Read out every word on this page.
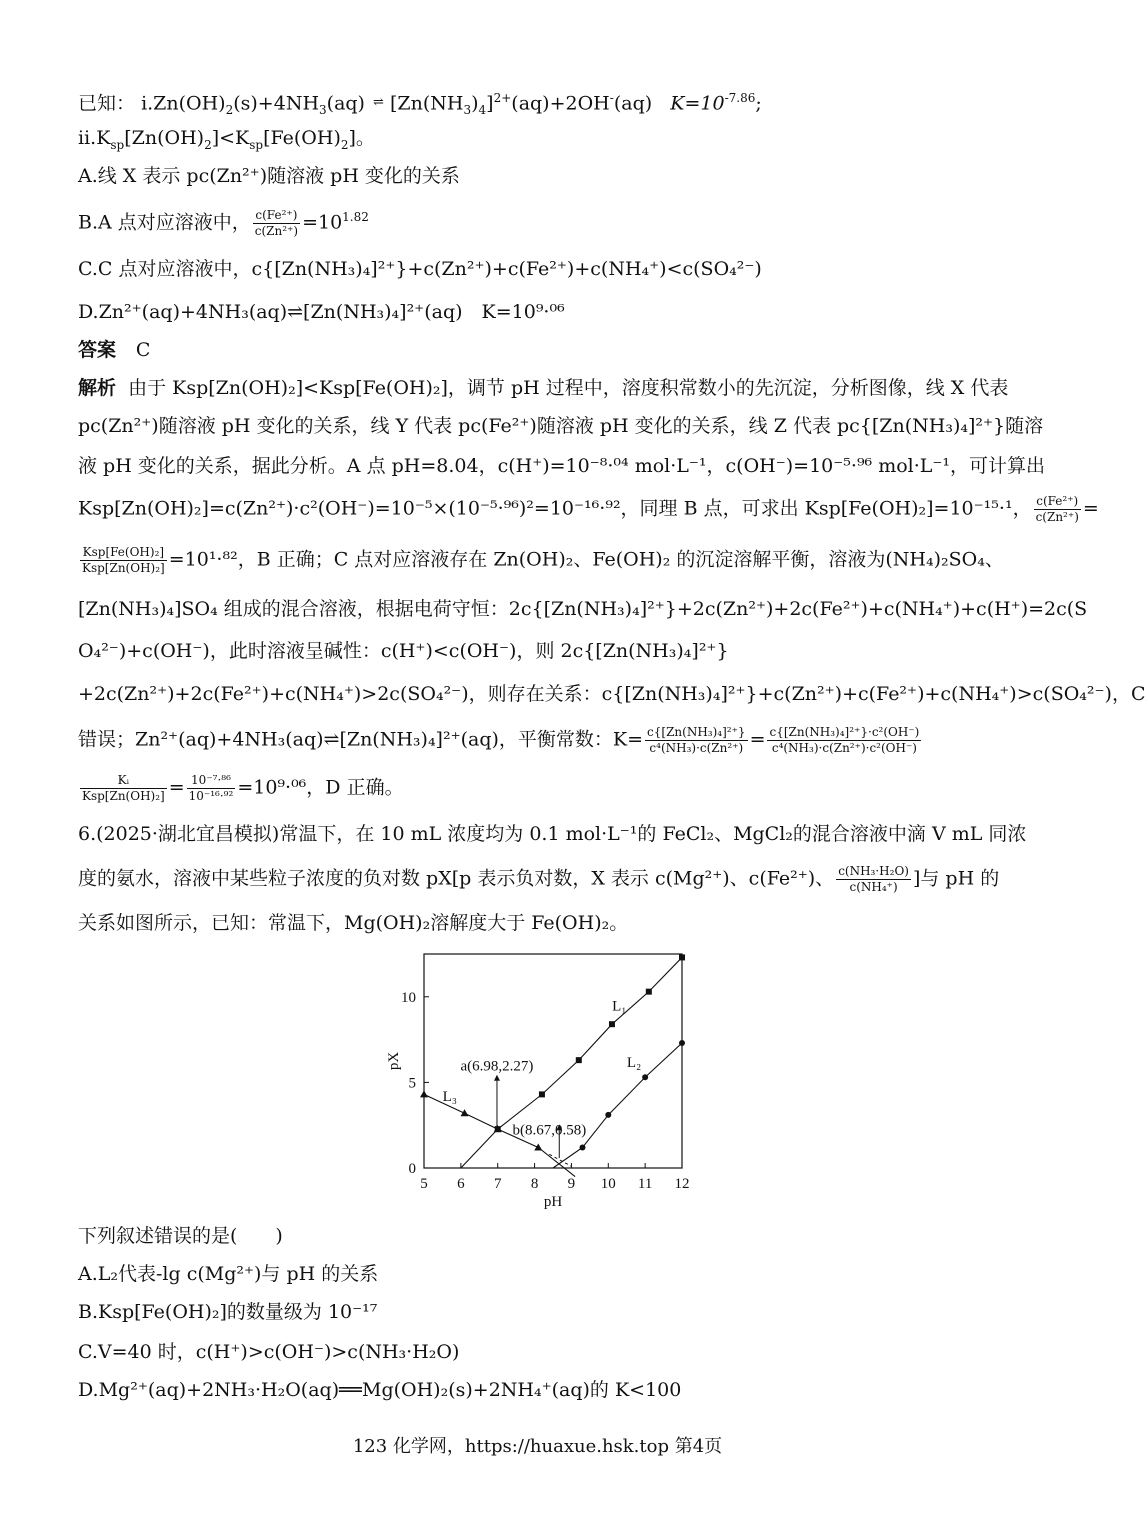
已知： $ⅰ.Zn(OH)_2(s)+4NH_3(aq)$ ⇌ $[Zn(NH_3)_4]^{2+}(aq)+2OH^-(aq)$ $K=10^{-7.86}$;
$ⅱ.K_{sp}[Zn(OH)_2]<K_{sp}[Fe(OH)_2]$。
A.线 X 表示 pc(Zn²⁺)随溶液 pH 变化的关系
B.A 点对应溶液中， $\frac{\text{c(Fe²⁺)}}{\text{c(Zn²⁺)}} =10^{1.82}$
C.C 点对应溶液中，c{[Zn(NH₃)₄]²⁺}+c(Zn²⁺)+c(Fe²⁺)+c(NH₄⁺)<c(SO₄²⁻)
D.Zn²⁺(aq)+4NH₃(aq)⇌[Zn(NH₃)₄]²⁺(aq)　K=10⁹·⁰⁶
答案 C
解析 由于 Ksp[Zn(OH)₂]<Ksp[Fe(OH)₂]，调节 pH 过程中，溶度积常数小的先沉淀，分析图像，线 X 代表
pc(Zn²⁺)随溶液 pH 变化的关系，线 Y 代表 pc(Fe²⁺)随溶液 pH 变化的关系，线 Z 代表 pc{[Zn(NH₃)₄]²⁺}随溶
液 pH 变化的关系，据此分析。A 点 pH=8.04，c(H⁺)=10⁻⁸·⁰⁴ mol·L⁻¹，c(OH⁻)=10⁻⁵·⁹⁶ mol·L⁻¹，可计算出
Ksp[Zn(OH)₂]=c(Zn²⁺)·c²(OH⁻)=10⁻⁵×(10⁻⁵·⁹⁶)²=10⁻¹⁶·⁹²，同理 B 点，可求出 Ksp[Fe(OH)₂]=10⁻¹⁵·¹， $\frac{\text{c(Fe²⁺)}}{\text{c(Zn²⁺)}}$ =
$\frac{\text{Ksp[Fe(OH)₂]}}{\text{Ksp[Zn(OH)₂]}} =10^1\cdot^{82}$，B 正确；C 点对应溶液存在 Zn(OH)₂、Fe(OH)₂ 的沉淀溶解平衡，溶液为(NH₄)₂SO₄、
[Zn(NH₃)₄]SO₄ 组成的混合溶液，根据电荷守恒：2c{[Zn(NH₃)₄]²⁺}+2c(Zn²⁺)+2c(Fe²⁺)+c(NH₄⁺)+c(H⁺)=2c(S
O₄²⁻)+c(OH⁻)，此时溶液呈碱性：c(H⁺)<c(OH⁻)，则 2c{[Zn(NH₃)₄]²⁺}
+2c(Zn²⁺)+2c(Fe²⁺)+c(NH₄⁺)>2c(SO₄²⁻)，则存在关系：c{[Zn(NH₃)₄]²⁺}+c(Zn²⁺)+c(Fe²⁺)+c(NH₄⁺)>c(SO₄²⁻)，C
错误；Zn²⁺(aq)+4NH₃(aq)⇌[Zn(NH₃)₄]²⁺(aq)，平衡常数：$K= \frac{\text{c\{[Zn(NH₃)₄]²⁺\}}}{\text{c⁴(NH₃)·c(Zn²⁺)}} = \frac{\text{c\{[Zn(NH₃)₄]²⁺\}·c²(OH⁻)}}{\text{c⁴(NH₃)·c(Zn²⁺)·c²(OH⁻)}}$
$\frac{\text{Kᵢ}}{\text{Ksp[Zn(OH)₂]}} = \frac{\text{10⁻⁷·⁸⁶}}{\text{10⁻¹⁶·⁹²}} =10^9\cdot^{06}$，D 正确。
6.(2025·湖北宜昌模拟)常温下，在 10 mL 浓度均为 0.1 mol·L⁻¹的 FeCl₂、MgCl₂的混合溶液中滴 V mL 同浓
度的氨水，溶液中某些粒子浓度的负对数 pX[p 表示负对数，X 表示 c(Mg²⁺)、c(Fe²⁺)、 $\frac{\text{c(NH₃·H₂O)}}{\text{c(NH₄⁺)}}$ ]与 pH 的
关系如图所示，已知：常温下，Mg(OH)₂溶解度大于 Fe(OH)₂。
5 6 7 8 9 10 11 12
0
5
10
pH
pX
L₁
L₂
L₃
a(6.98,2.27)
b(8.67,0.58)
下列叙述错误的是(　　)
A.L₂代表-lg c(Mg²⁺)与 pH 的关系
B.Ksp[Fe(OH)₂]的数量级为 10⁻¹⁷
C.V=40 时，c(H⁺)>c(OH⁻)>c(NH₃·H₂O)
D.Mg²⁺(aq)+2NH₃·H₂O(aq)══Mg(OH)₂(s)+2NH₄⁺(aq)的 K<100
123 化学网，https://huaxue.hsk.top 第4页
